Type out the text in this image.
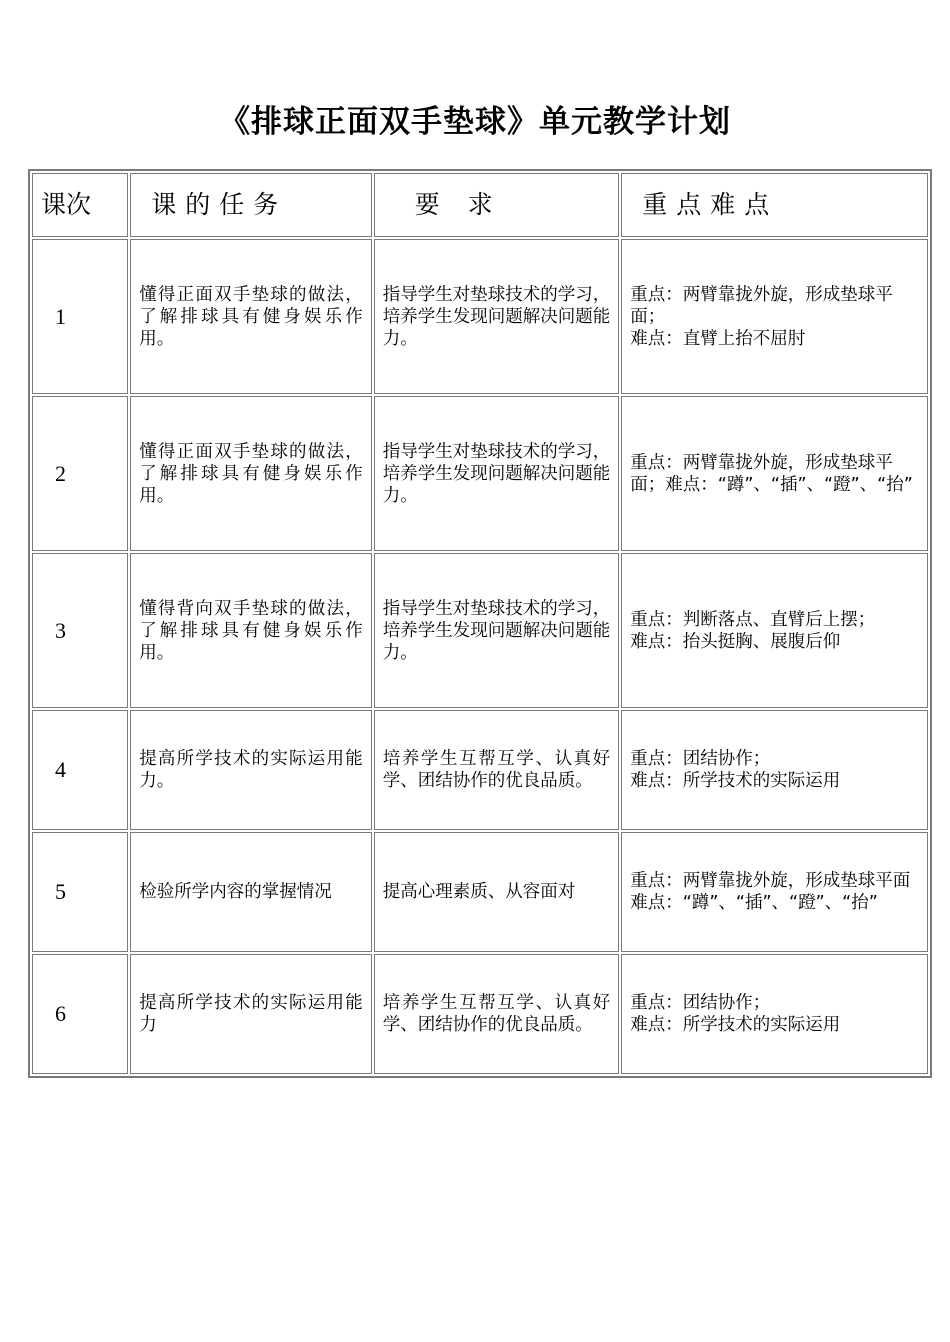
《排球正面双手垫球》单元教学计划
课次	课的任务	要 求	重点难点
1	懂得正面双手垫球的做法，了解排球具有健身娱乐作用。	指导学生对垫球技术的学习，培养学生发现问题解决问题能力。	重点：两臂靠拢外旋，形成垫球平面；
难点：直臂上抬不屈肘

2	懂得正面双手垫球的做法，了解排球具有健身娱乐作用。	指导学生对垫球技术的学习，培养学生发现问题解决问题能力。	重点：两臂靠拢外旋，形成垫球平面；难点：“蹲”、“插”、“蹬”、“抬”

3	懂得背向双手垫球的做法，了解排球具有健身娱乐作用。	指导学生对垫球技术的学习，培养学生发现问题解决问题能力。	重点：判断落点、直臂后上摆；
难点：抬头挺胸、展腹后仰

4	提高所学技术的实际运用能力。	培养学生互帮互学、认真好学、团结协作的优良品质。	重点：团结协作；
难点：所学技术的实际运用

5	检验所学内容的掌握情况	提高心理素质、从容面对	重点：两臂靠拢外旋，形成垫球平面
难点：“蹲”、“插”、“蹬”、“抬”

6	提高所学技术的实际运用能力	培养学生互帮互学、认真好学、团结协作的优良品质。	重点：团结协作；
难点：所学技术的实际运用
